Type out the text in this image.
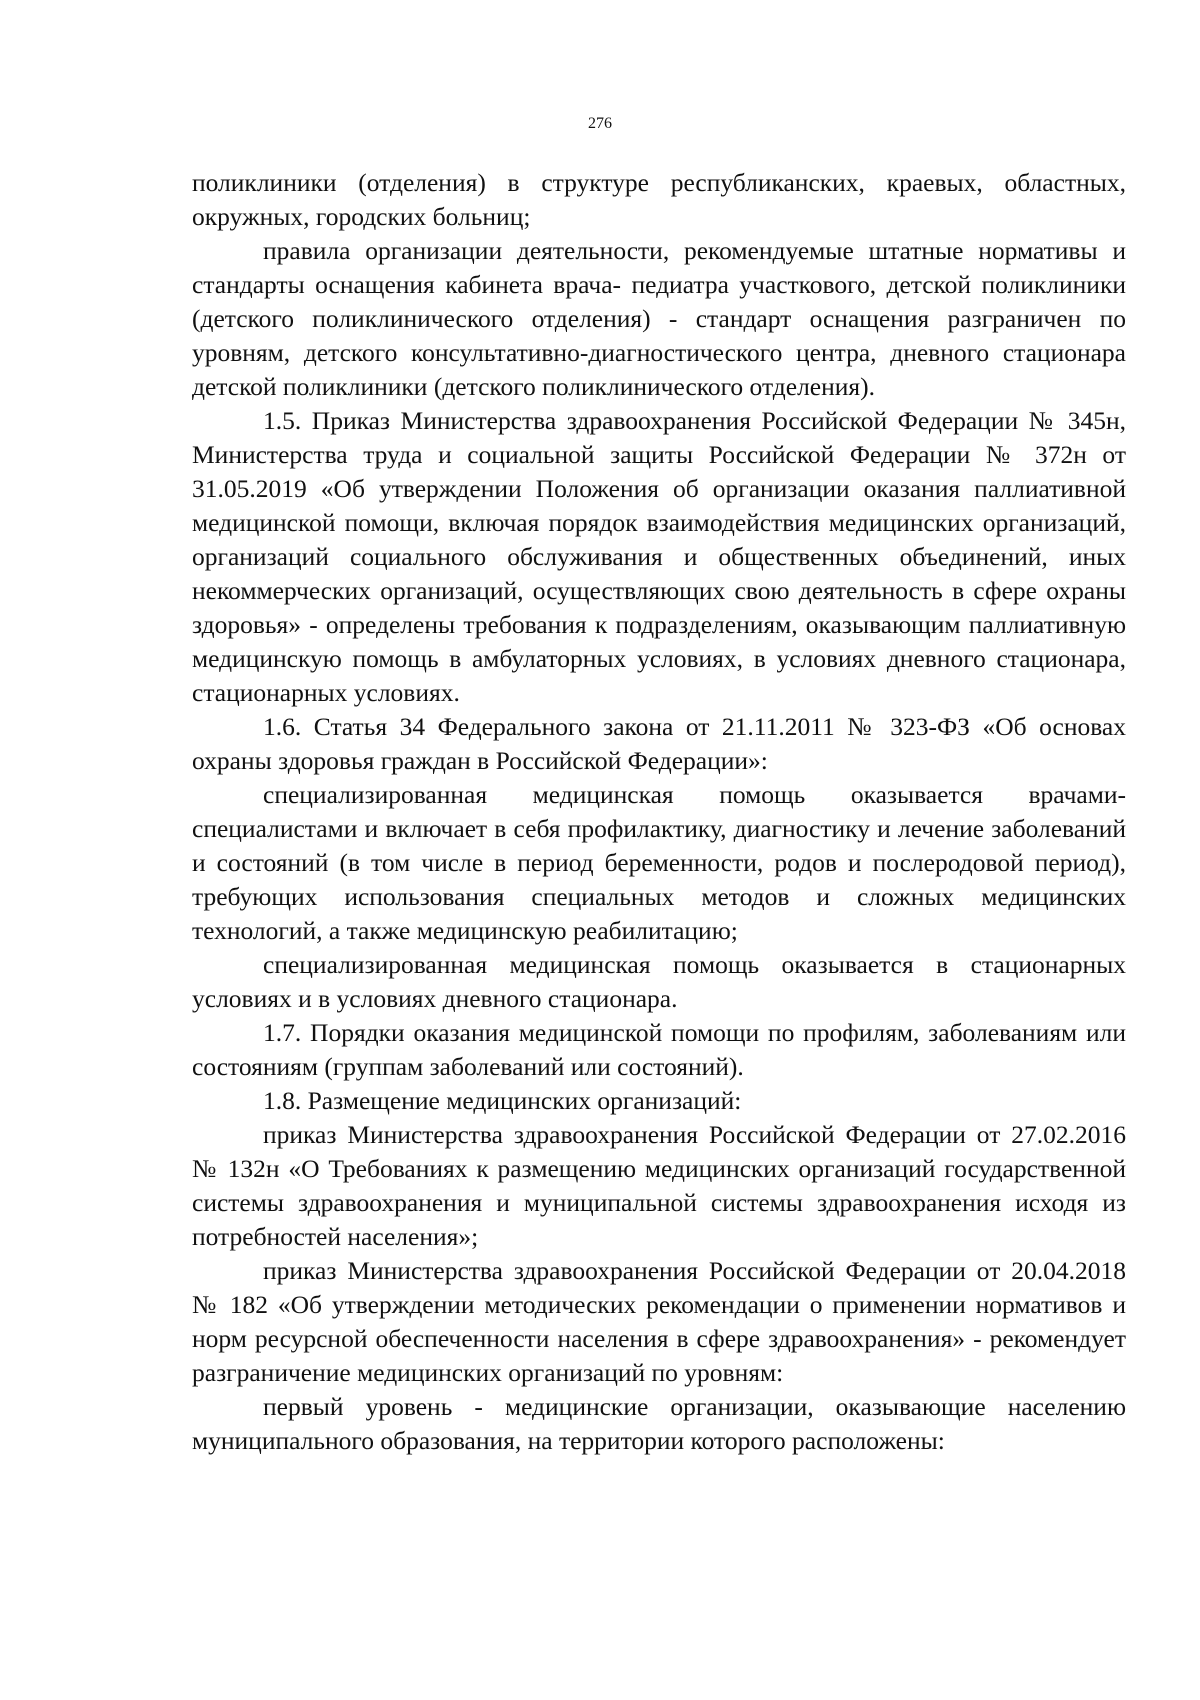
276

поликлиники (отделения) в структуре республиканских, краевых, областных, окружных, городских больниц;

правила организации деятельности, рекомендуемые штатные нормативы и стандарты оснащения кабинета врача- педиатра участкового, детской поликлиники (детского поликлинического отделения) - стандарт оснащения разграничен по уровням, детского консультативно-диагностического центра, дневного стационара детской поликлиники (детского поликлинического отделения).

1.5. Приказ Министерства здравоохранения Российской Федерации № 345н, Министерства труда и социальной защиты Российской Федерации № 372н от 31.05.2019 «Об утверждении Положения об организации оказания паллиативной медицинской помощи, включая порядок взаимодействия медицинских организаций, организаций социального обслуживания и общественных объединений, иных некоммерческих организаций, осуществляющих свою деятельность в сфере охраны здоровья» - определены требования к подразделениям, оказывающим паллиативную медицинскую помощь в амбулаторных условиях, в условиях дневного стационара, стационарных условиях.

1.6. Статья 34 Федерального закона от 21.11.2011 № 323-ФЗ «Об основах охраны здоровья граждан в Российской Федерации»:

специализированная медицинская помощь оказывается врачами-специалистами и включает в себя профилактику, диагностику и лечение заболеваний и состояний (в том числе в период беременности, родов и послеродовой период), требующих использования специальных методов и сложных медицинских технологий, а также медицинскую реабилитацию;

специализированная медицинская помощь оказывается в стационарных условиях и в условиях дневного стационара.

1.7. Порядки оказания медицинской помощи по профилям, заболеваниям или состояниям (группам заболеваний или состояний).

1.8. Размещение медицинских организаций:

приказ Министерства здравоохранения Российской Федерации от 27.02.2016 № 132н «О Требованиях к размещению медицинских организаций государственной системы здравоохранения и муниципальной системы здравоохранения исходя из потребностей населения»;

приказ Министерства здравоохранения Российской Федерации от 20.04.2018 № 182 «Об утверждении методических рекомендации о применении нормативов и норм ресурсной обеспеченности населения в сфере здравоохранения» - рекомендует разграничение медицинских организаций по уровням:

первый уровень - медицинские организации, оказывающие населению муниципального образования, на территории которого расположены:
